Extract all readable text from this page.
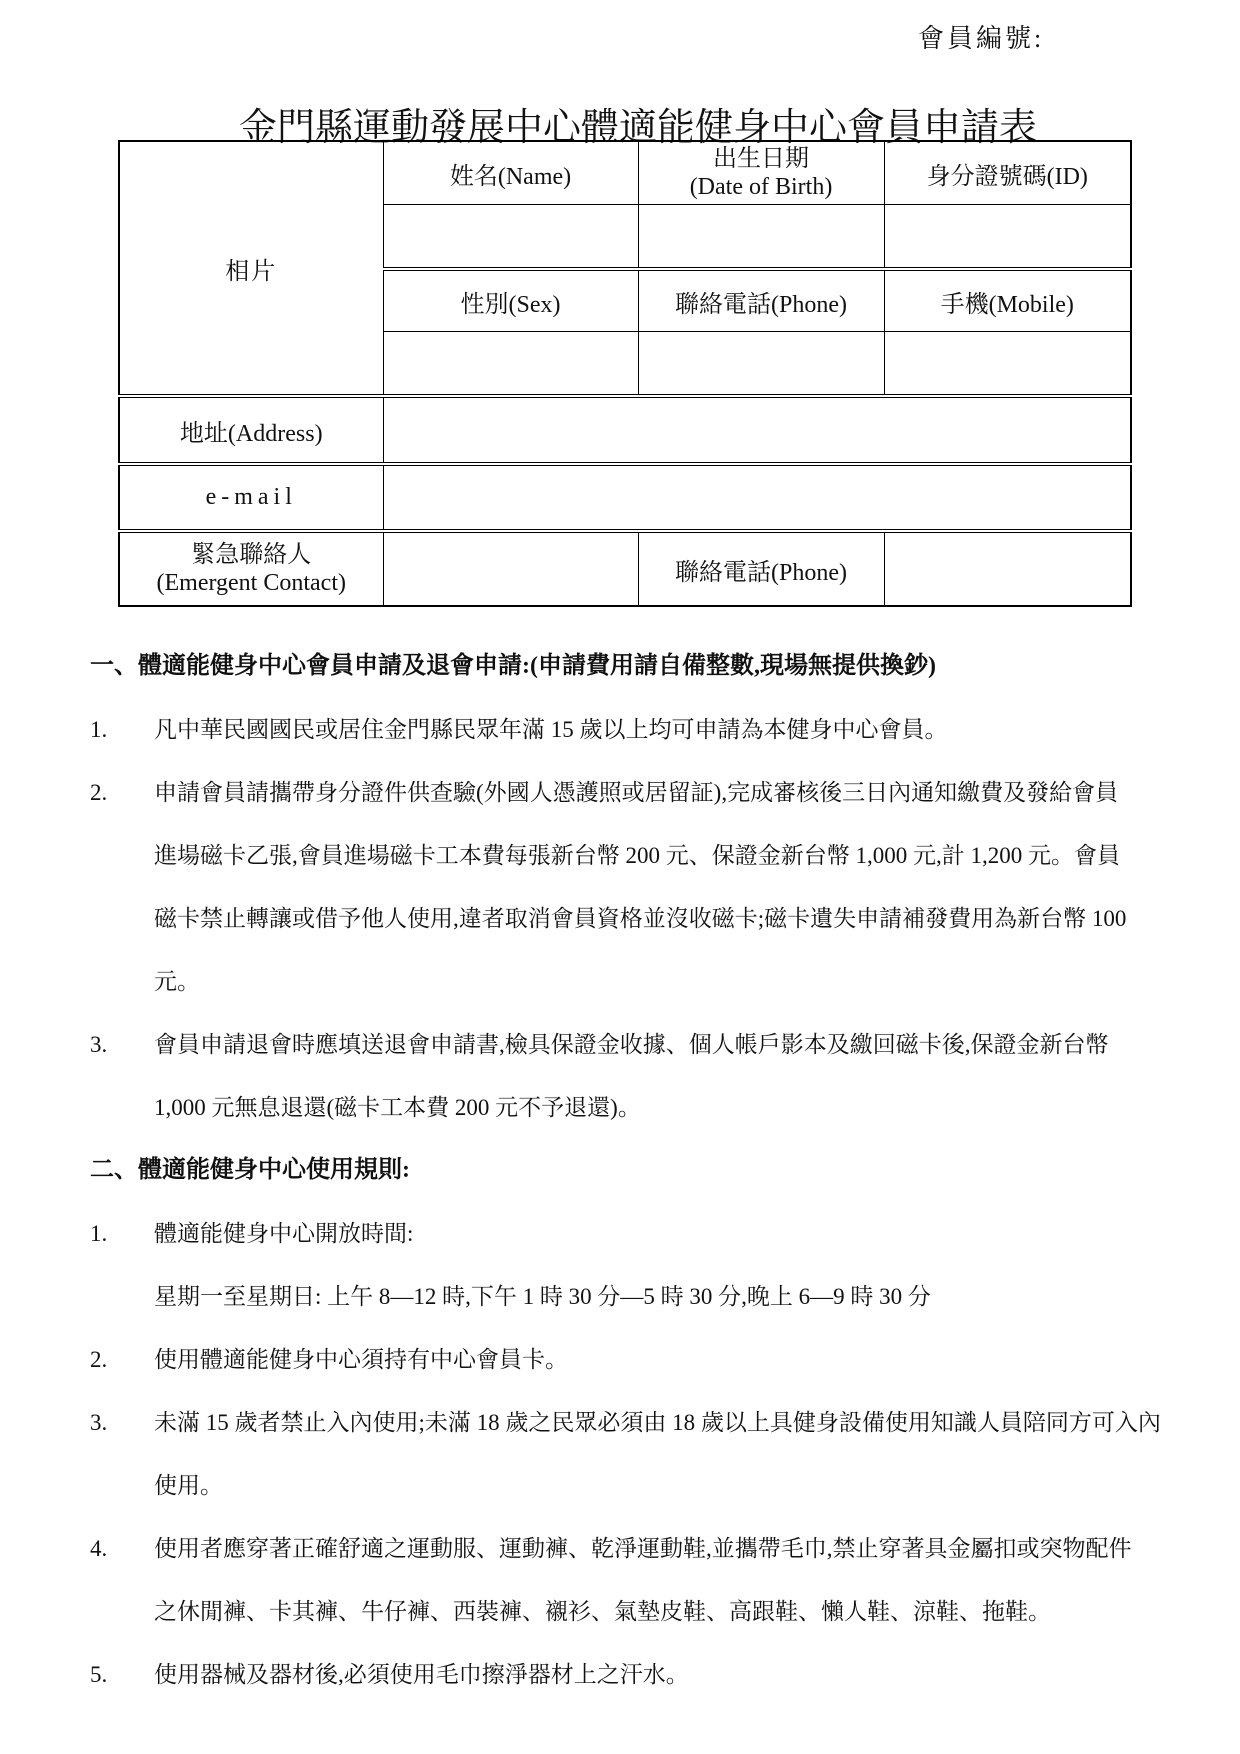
會員編號:
金門縣運動發展中心體適能健身中心會員申請表
相片	姓名(Name)	出生日期
(Date of Birth)	身分證號碼(ID)

	性別(Sex)	聯絡電話(Phone)	手機(Mobile)

地址(Address)			
e-mail			

緊急聯絡人
(Emergent Contact)		聯絡電話(Phone)	
一、體適能健身中心會員申請及退會申請:(申請費用請自備整數,現場無提供換鈔)
1. 凡中華民國國民或居住金門縣民眾年滿 15 歲以上均可申請為本健身中心會員。
2. 申請會員請攜帶身分證件供查驗(外國人憑護照或居留証),完成審核後三日內通知繳費及發給會員
進場磁卡乙張,會員進場磁卡工本費每張新台幣 200 元、保證金新台幣 1,000 元,計 1,200 元。會員
磁卡禁止轉讓或借予他人使用,違者取消會員資格並沒收磁卡;磁卡遺失申請補發費用為新台幣 100
元。
3. 會員申請退會時應填送退會申請書,檢具保證金收據、個人帳戶影本及繳回磁卡後,保證金新台幣
1,000 元無息退還(磁卡工本費 200 元不予退還)。
二、體適能健身中心使用規則:
1. 體適能健身中心開放時間:
星期一至星期日: 上午 8—12 時,下午 1 時 30 分—5 時 30 分,晚上 6—9 時 30 分
2. 使用體適能健身中心須持有中心會員卡。
3. 未滿 15 歲者禁止入內使用;未滿 18 歲之民眾必須由 18 歲以上具健身設備使用知識人員陪同方可入內
使用。
4. 使用者應穿著正確舒適之運動服、運動褲、乾淨運動鞋,並攜帶毛巾,禁止穿著具金屬扣或突物配件
之休閒褲、卡其褲、牛仔褲、西裝褲、襯衫、氣墊皮鞋、高跟鞋、懶人鞋、涼鞋、拖鞋。
5. 使用器械及器材後,必須使用毛巾擦淨器材上之汗水。
